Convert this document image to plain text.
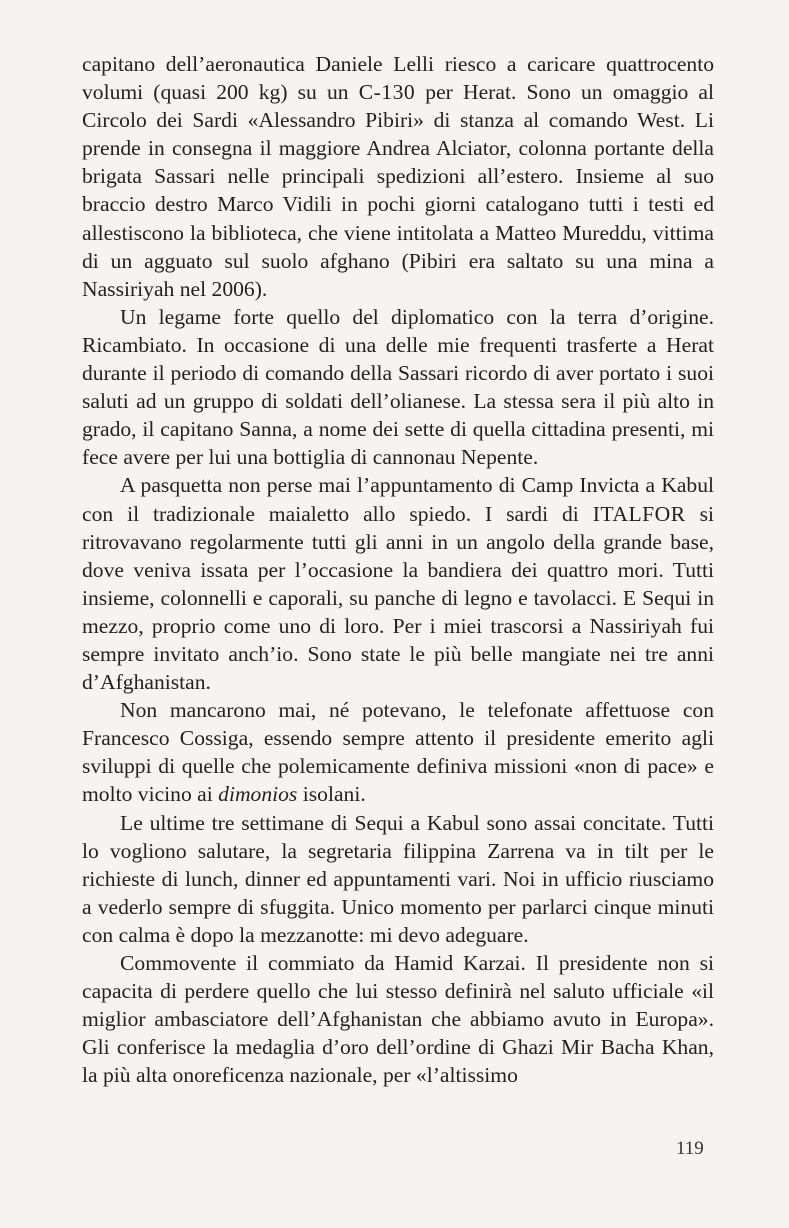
capitano dell’aeronautica Daniele Lelli riesco a caricare quattrocento volumi (quasi 200 kg) su un C-130 per Herat. Sono un omaggio al Circolo dei Sardi «Alessandro Pibiri» di stanza al comando West. Li prende in consegna il maggiore Andrea Alciator, colonna portante della brigata Sassari nelle principali spedizioni all’estero. Insieme al suo braccio destro Marco Vidili in pochi giorni catalogano tutti i testi ed allestiscono la biblioteca, che viene intitolata a Matteo Mureddu, vittima di un agguato sul suolo afghano (Pibiri era saltato su una mina a Nassiriyah nel 2006).

Un legame forte quello del diplomatico con la terra d’origine. Ricambiato. In occasione di una delle mie frequenti trasferte a Herat durante il periodo di comando della Sassari ricordo di aver portato i suoi saluti ad un gruppo di soldati dell’olianese. La stessa sera il più alto in grado, il capitano Sanna, a nome dei sette di quella cittadina presenti, mi fece avere per lui una bottiglia di cannonau Nepente.

A pasquetta non perse mai l’appuntamento di Camp Invicta a Kabul con il tradizionale maialetto allo spiedo. I sardi di ITALFOR si ritrovavano regolarmente tutti gli anni in un angolo della grande base, dove veniva issata per l’occasione la bandiera dei quattro mori. Tutti insieme, colonnelli e caporali, su panche di legno e tavolacci. E Sequi in mezzo, proprio come uno di loro. Per i miei trascorsi a Nassiriyah fui sempre invitato anch’io. Sono state le più belle mangiate nei tre anni d’Afghanistan.

Non mancarono mai, né potevano, le telefonate affettuose con Francesco Cossiga, essendo sempre attento il presidente emerito agli sviluppi di quelle che polemicamente definiva missioni «non di pace» e molto vicino ai dimonios isolani.

Le ultime tre settimane di Sequi a Kabul sono assai concitate. Tutti lo vogliono salutare, la segretaria filippina Zarrena va in tilt per le richieste di lunch, dinner ed appuntamenti vari. Noi in ufficio riusciamo a vederlo sempre di sfuggita. Unico momento per parlarci cinque minuti con calma è dopo la mezzanotte: mi devo adeguare.

Commovente il commiato da Hamid Karzai. Il presidente non si capacita di perdere quello che lui stesso definirà nel saluto ufficiale «il miglior ambasciatore dell’Afghanistan che abbiamo avuto in Europa». Gli conferisce la medaglia d’oro dell’ordine di Ghazi Mir Bacha Khan, la più alta onoreficenza nazionale, per «l’altissimo

119
